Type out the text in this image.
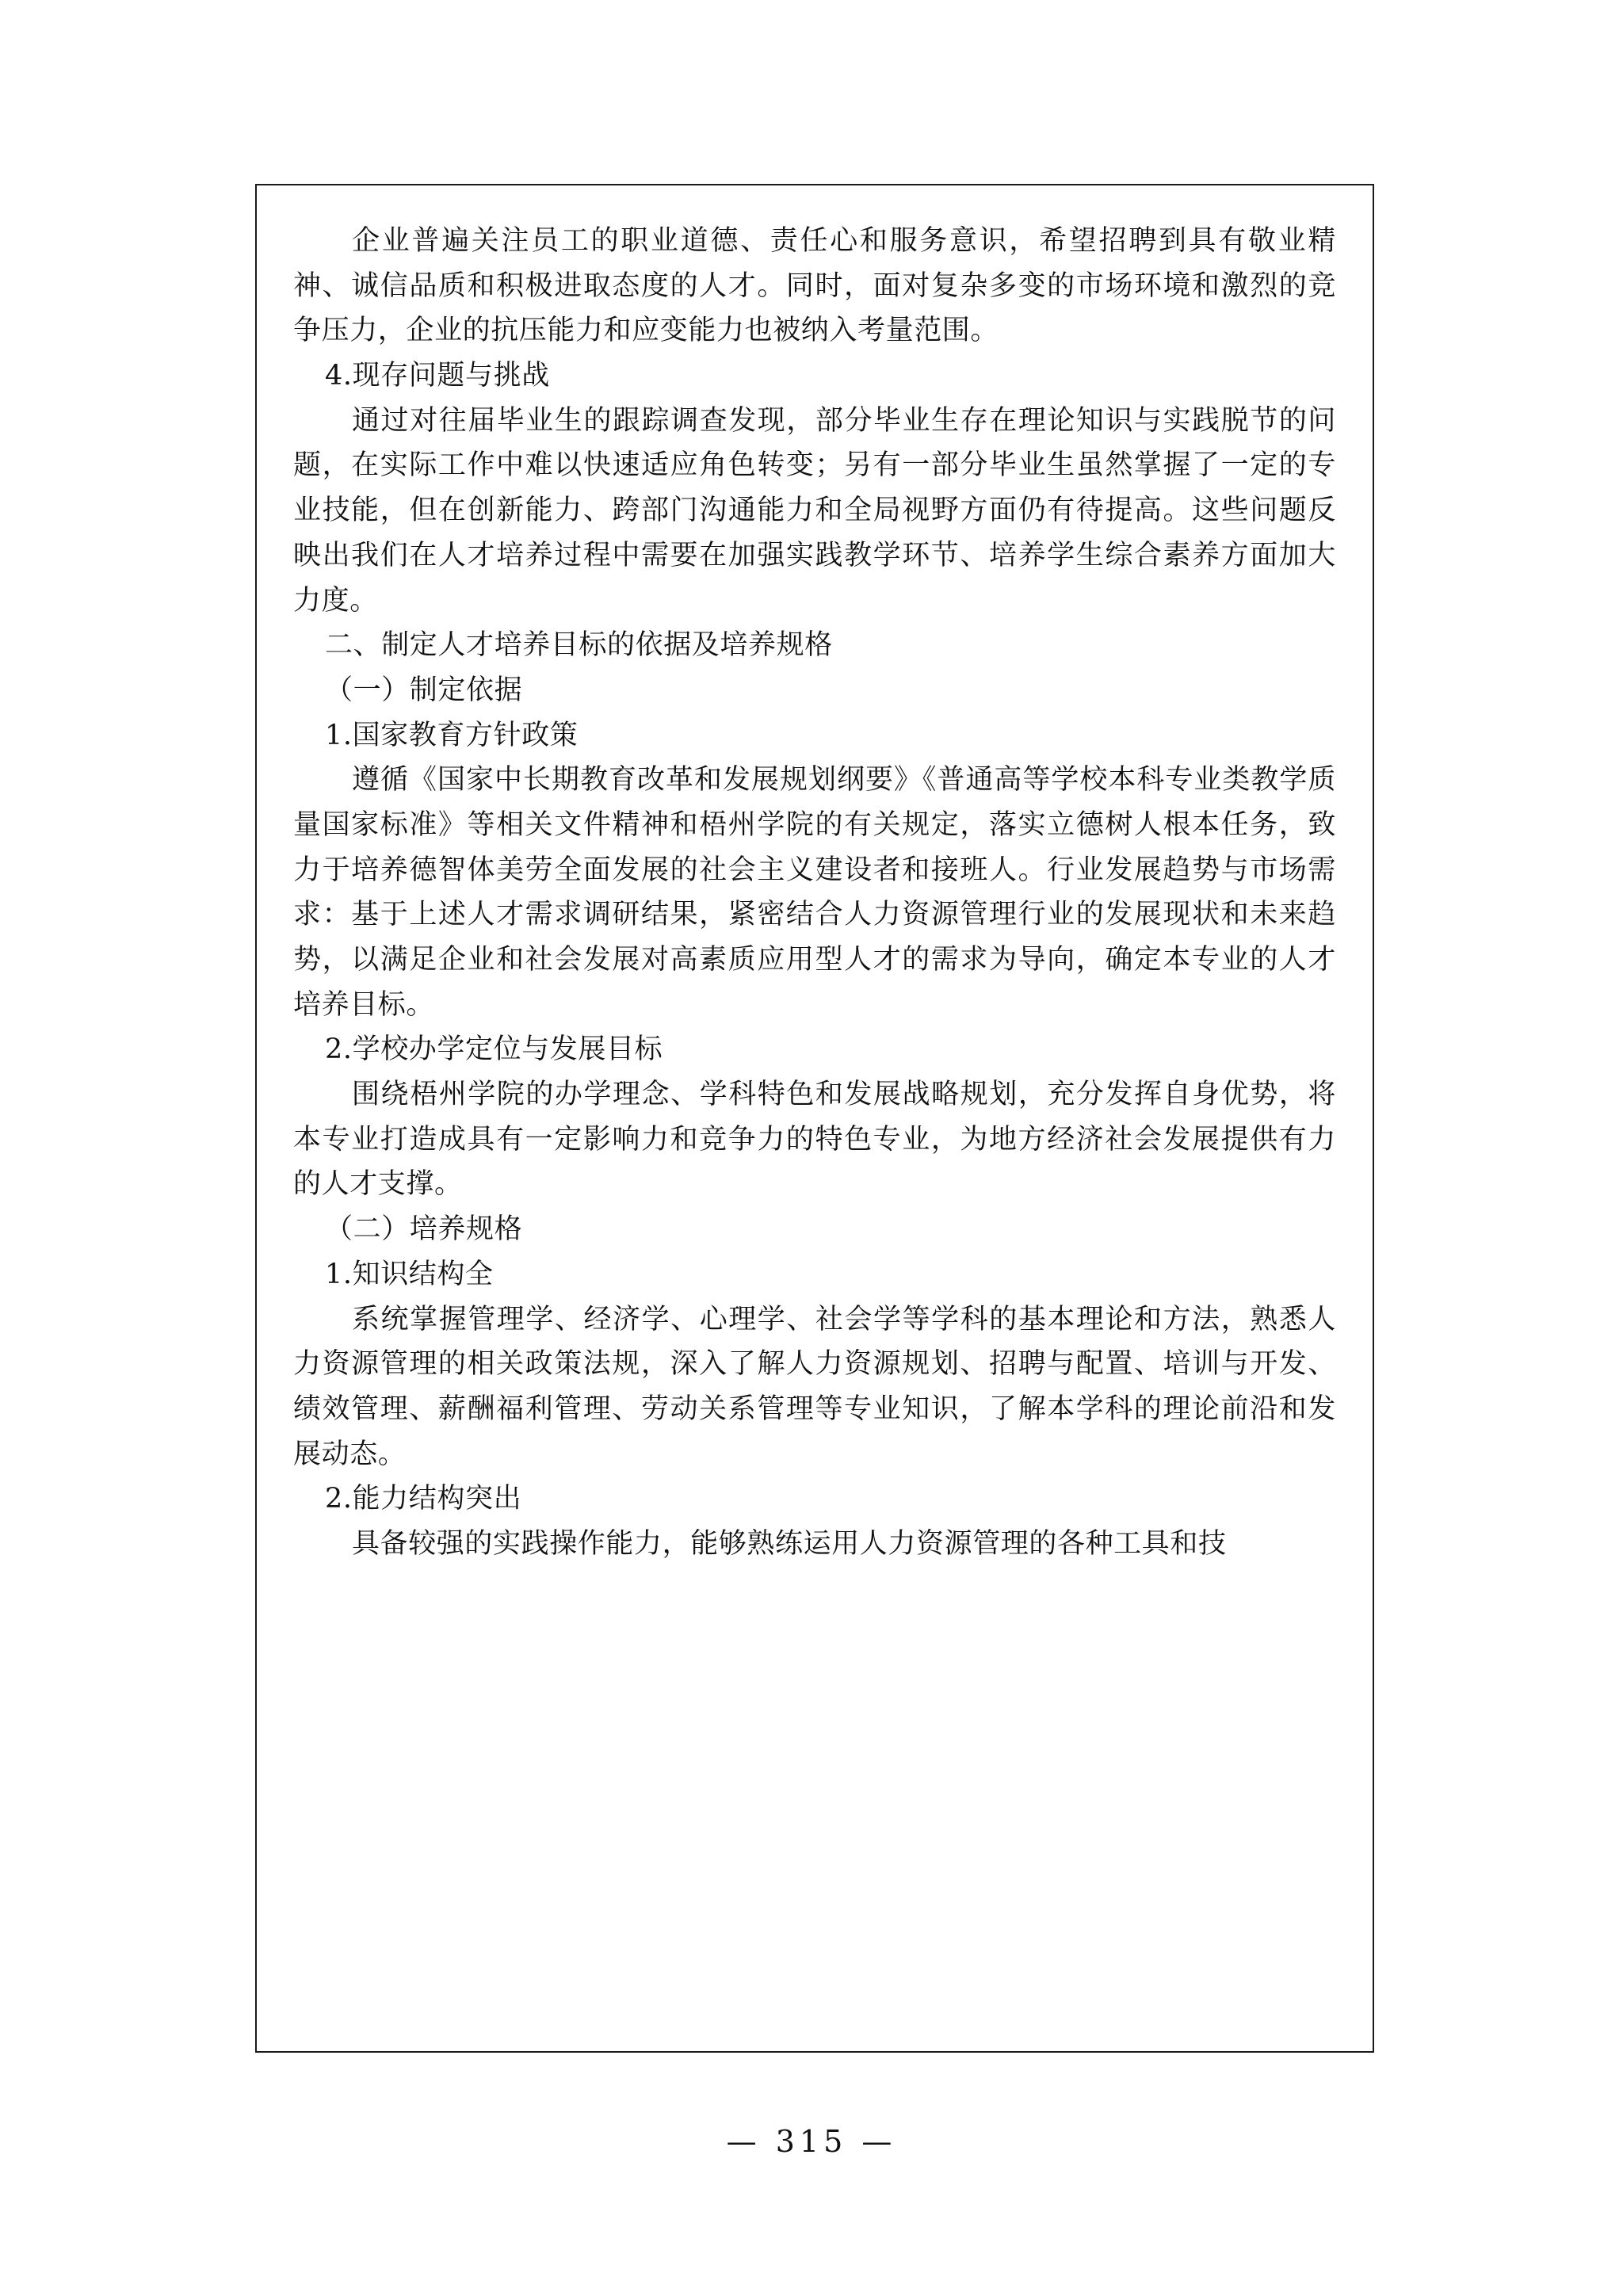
企业普遍关注员工的职业道德、责任心和服务意识，希望招聘到具有敬业精神、诚信品质和积极进取态度的人才。同时，面对复杂多变的市场环境和激烈的竞争压力，企业的抗压能力和应变能力也被纳入考量范围。

4.现存问题与挑战

通过对往届毕业生的跟踪调查发现，部分毕业生存在理论知识与实践脱节的问题，在实际工作中难以快速适应角色转变；另有一部分毕业生虽然掌握了一定的专业技能，但在创新能力、跨部门沟通能力和全局视野方面仍有待提高。这些问题反映出我们在人才培养过程中需要在加强实践教学环节、培养学生综合素养方面加大力度。

二、制定人才培养目标的依据及培养规格

（一）制定依据

1.国家教育方针政策

遵循《国家中长期教育改革和发展规划纲要》《普通高等学校本科专业类教学质量国家标准》等相关文件精神和梧州学院的有关规定，落实立德树人根本任务，致力于培养德智体美劳全面发展的社会主义建设者和接班人。行业发展趋势与市场需求：基于上述人才需求调研结果，紧密结合人力资源管理行业的发展现状和未来趋势，以满足企业和社会发展对高素质应用型人才的需求为导向，确定本专业的人才培养目标。

2.学校办学定位与发展目标

围绕梧州学院的办学理念、学科特色和发展战略规划，充分发挥自身优势，将本专业打造成具有一定影响力和竞争力的特色专业，为地方经济社会发展提供有力的人才支撑。

（二）培养规格

1.知识结构全

系统掌握管理学、经济学、心理学、社会学等学科的基本理论和方法，熟悉人力资源管理的相关政策法规，深入了解人力资源规划、招聘与配置、培训与开发、绩效管理、薪酬福利管理、劳动关系管理等专业知识，了解本学科的理论前沿和发展动态。

2.能力结构突出

具备较强的实践操作能力，能够熟练运用人力资源管理的各种工具和技

— 315 —
